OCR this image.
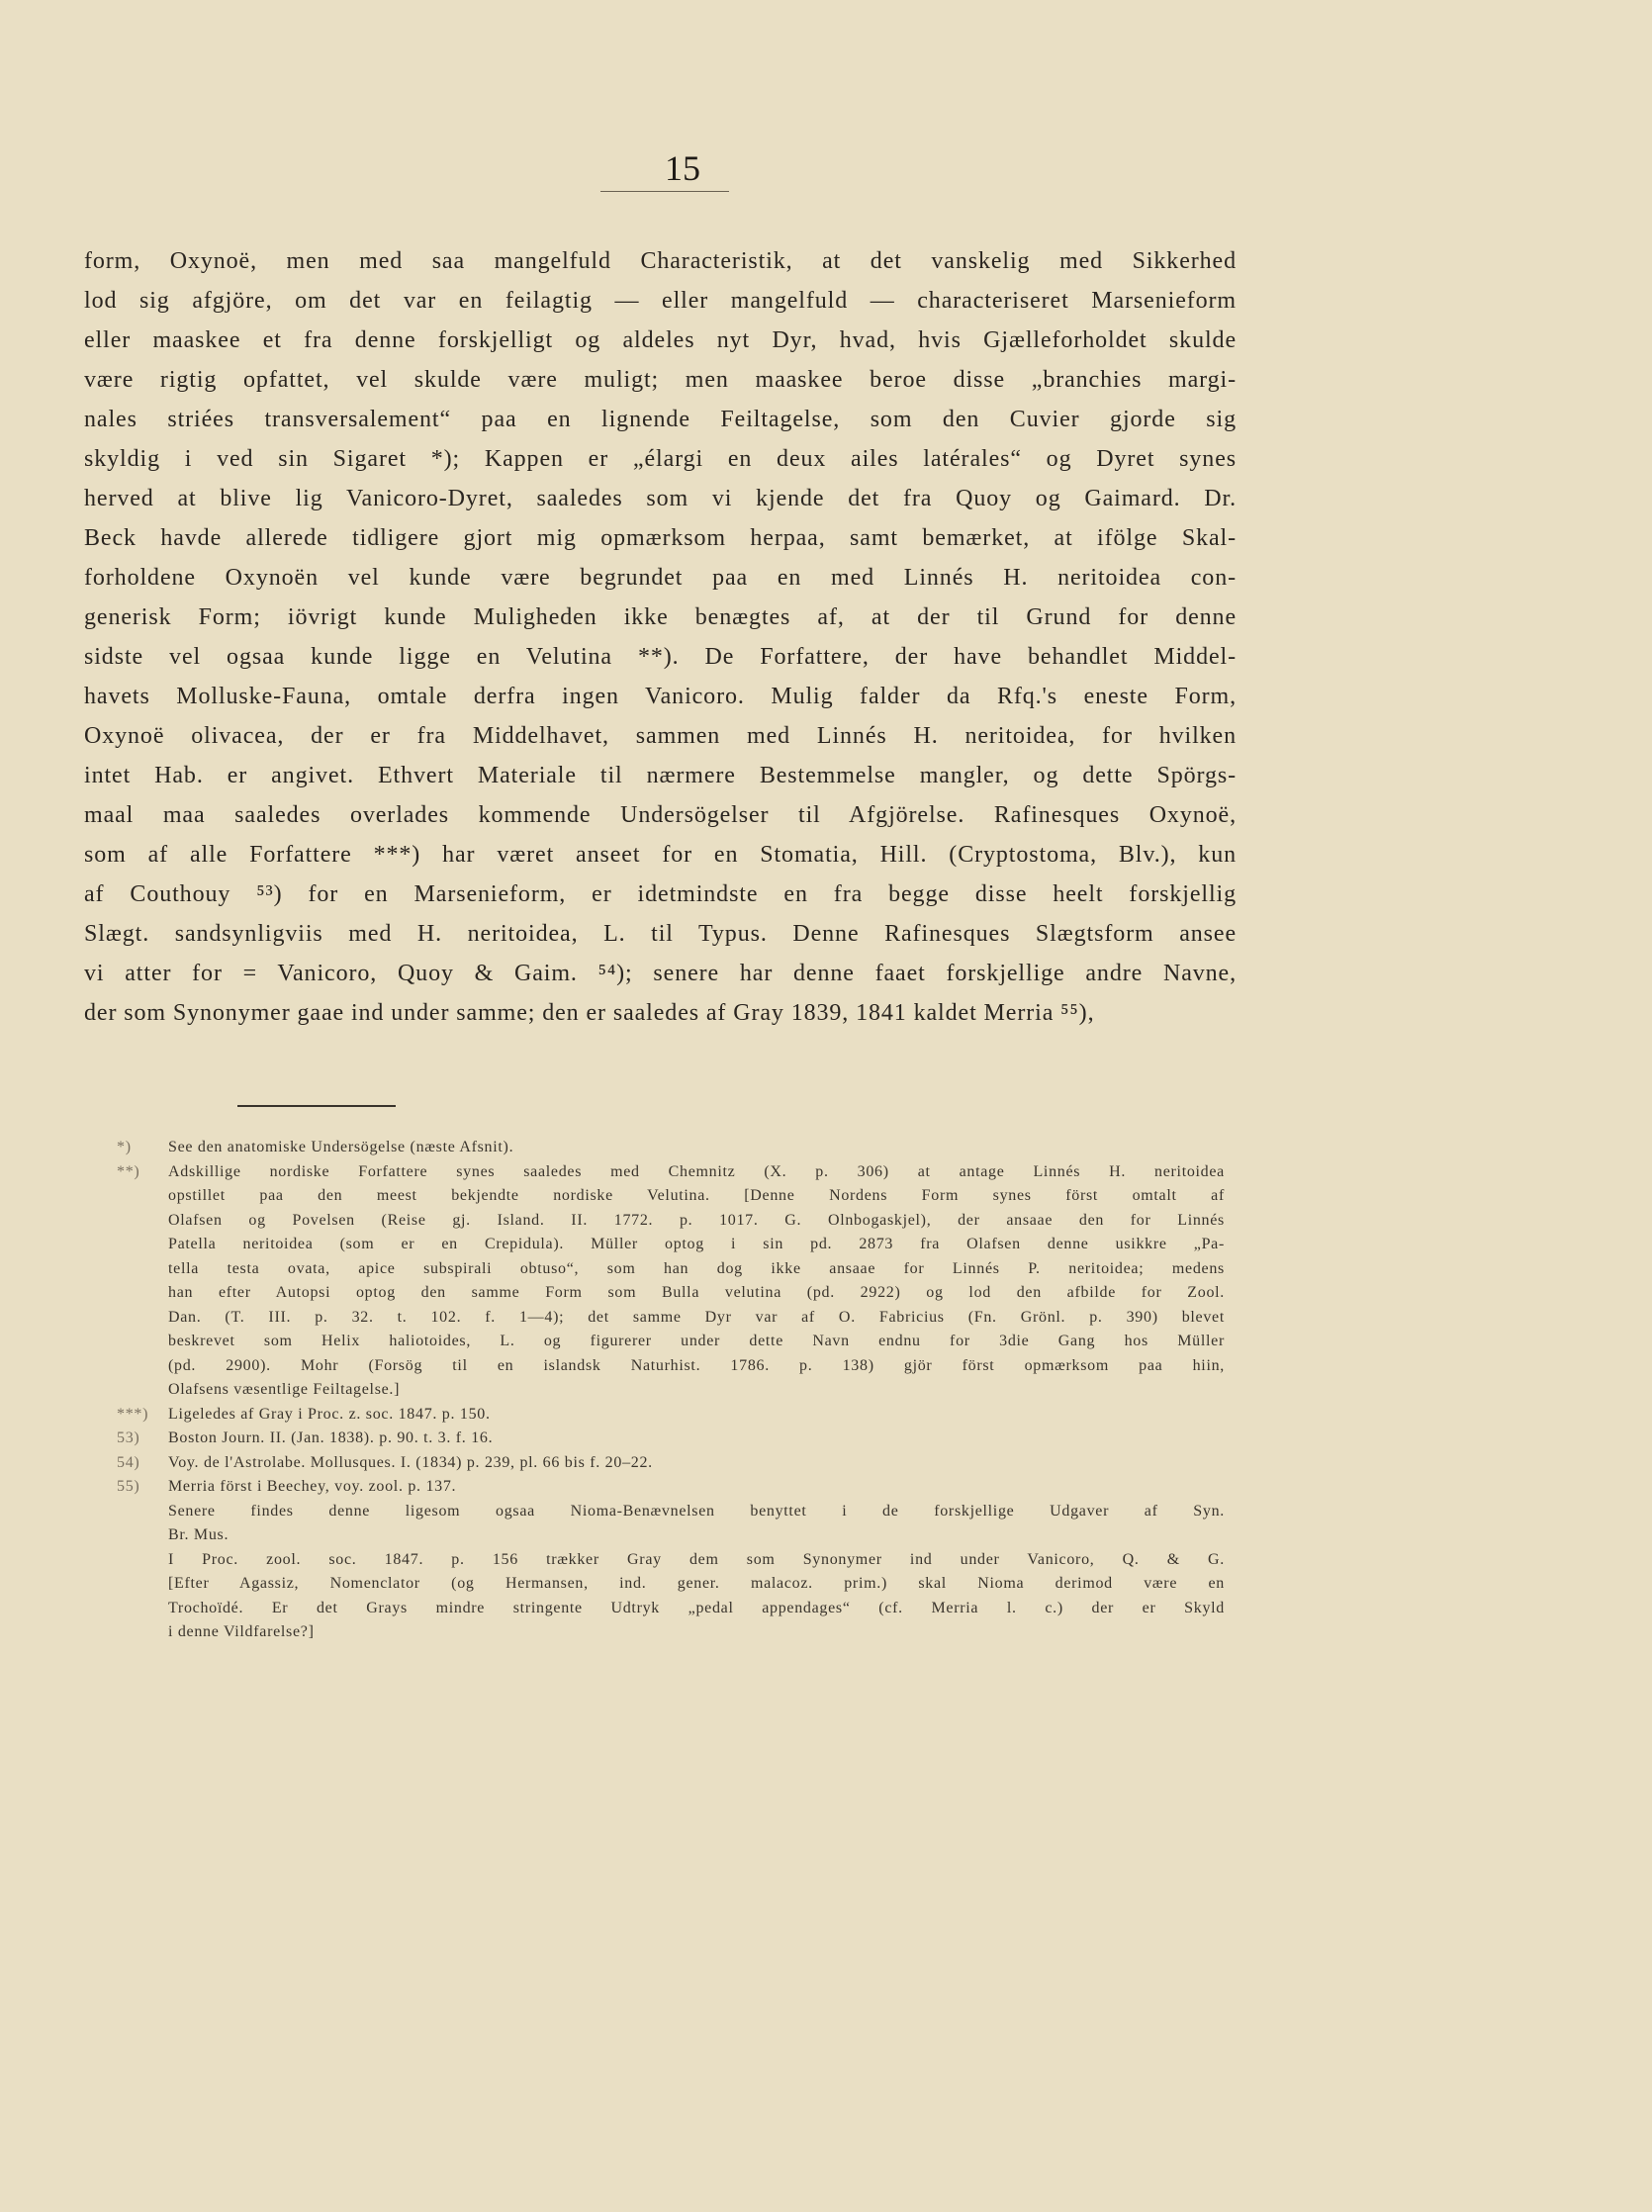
15
form, Oxynoë, men med saa mangelfuld Characteristik, at det vanskelig med Sikkerhed
lod sig afgjöre, om det var en feilagtig — eller mangelfuld — characteriseret Marsenieform
eller maaskee et fra denne forskjelligt og aldeles nyt Dyr, hvad, hvis Gjælleforholdet skulde
være rigtig opfattet, vel skulde være muligt; men maaskee beroe disse „branchies margi-
nales striées transversalement“ paa en lignende Feiltagelse, som den Cuvier gjorde sig
skyldig i ved sin Sigaret *); Kappen er „élargi en deux ailes latérales“ og Dyret synes
herved at blive lig Vanicoro-Dyret, saaledes som vi kjende det fra Quoy og Gaimard. Dr.
Beck havde allerede tidligere gjort mig opmærksom herpaa, samt bemærket, at ifölge Skal-
forholdene Oxynoën vel kunde være begrundet paa en med Linnés H. neritoidea con-
generisk Form; iövrigt kunde Muligheden ikke benægtes af, at der til Grund for denne
sidste vel ogsaa kunde ligge en Velutina **). De Forfattere, der have behandlet Middel-
havets Molluske-Fauna, omtale derfra ingen Vanicoro. Mulig falder da Rfq.'s eneste Form,
Oxynoë olivacea, der er fra Middelhavet, sammen med Linnés H. neritoidea, for hvilken
intet Hab. er angivet. Ethvert Materiale til nærmere Bestemmelse mangler, og dette Spörgs-
maal maa saaledes overlades kommende Undersögelser til Afgjörelse. Rafinesques Oxynoë,
som af alle Forfattere ***) har været anseet for en Stomatia, Hill. (Cryptostoma, Blv.), kun
af Couthouy ⁵³) for en Marsenieform, er idetmindste en fra begge disse heelt forskjellig
Slægt. sandsynligviis med H. neritoidea, L. til Typus. Denne Rafinesques Slægtsform ansee
vi atter for = Vanicoro, Quoy & Gaim. ⁵⁴); senere har denne faaet forskjellige andre Navne,
der som Synonymer gaae ind under samme; den er saaledes af Gray 1839, 1841 kaldet Merria ⁵⁵),
*) See den anatomiske Undersögelse (næste Afsnit).
**) Adskillige nordiske Forfattere synes saaledes med Chemnitz (X. p. 306) at antage Linnés H. neritoidea
opstillet paa den meest bekjendte nordiske Velutina. [Denne Nordens Form synes först omtalt af
Olafsen og Povelsen (Reise gj. Island. II. 1772. p. 1017. G. Olnbogaskjel), der ansaae den for Linnés
Patella neritoidea (som er en Crepidula). Müller optog i sin pd. 2873 fra Olafsen denne usikkre „Pa-
tella testa ovata, apice subspirali obtuso“, som han dog ikke ansaae for Linnés P. neritoidea; medens
han efter Autopsi optog den samme Form som Bulla velutina (pd. 2922) og lod den afbilde for Zool.
Dan. (T. III. p. 32. t. 102. f. 1—4); det samme Dyr var af O. Fabricius (Fn. Grönl. p. 390) blevet
beskrevet som Helix haliotoides, L. og figurerer under dette Navn endnu for 3die Gang hos Müller
(pd. 2900). Mohr (Forsög til en islandsk Naturhist. 1786. p. 138) gjör först opmærksom paa hiin,
Olafsens væsentlige Feiltagelse.]
***) Ligeledes af Gray i Proc. z. soc. 1847. p. 150.
53) Boston Journ. II. (Jan. 1838). p. 90. t. 3. f. 16.
54) Voy. de l'Astrolabe. Mollusques. I. (1834) p. 239, pl. 66 bis f. 20–22.
55) Merria först i Beechey, voy. zool. p. 137.
Senere findes denne ligesom ogsaa Nioma-Benævnelsen benyttet i de forskjellige Udgaver af Syn.
Br. Mus.
I Proc. zool. soc. 1847. p. 156 trækker Gray dem som Synonymer ind under Vanicoro, Q. & G.
[Efter Agassiz, Nomenclator (og Hermansen, ind. gener. malacoz. prim.) skal Nioma derimod være en
Trochoïdé. Er det Grays mindre stringente Udtryk „pedal appendages“ (cf. Merria l. c.) der er Skyld
i denne Vildfarelse?]
